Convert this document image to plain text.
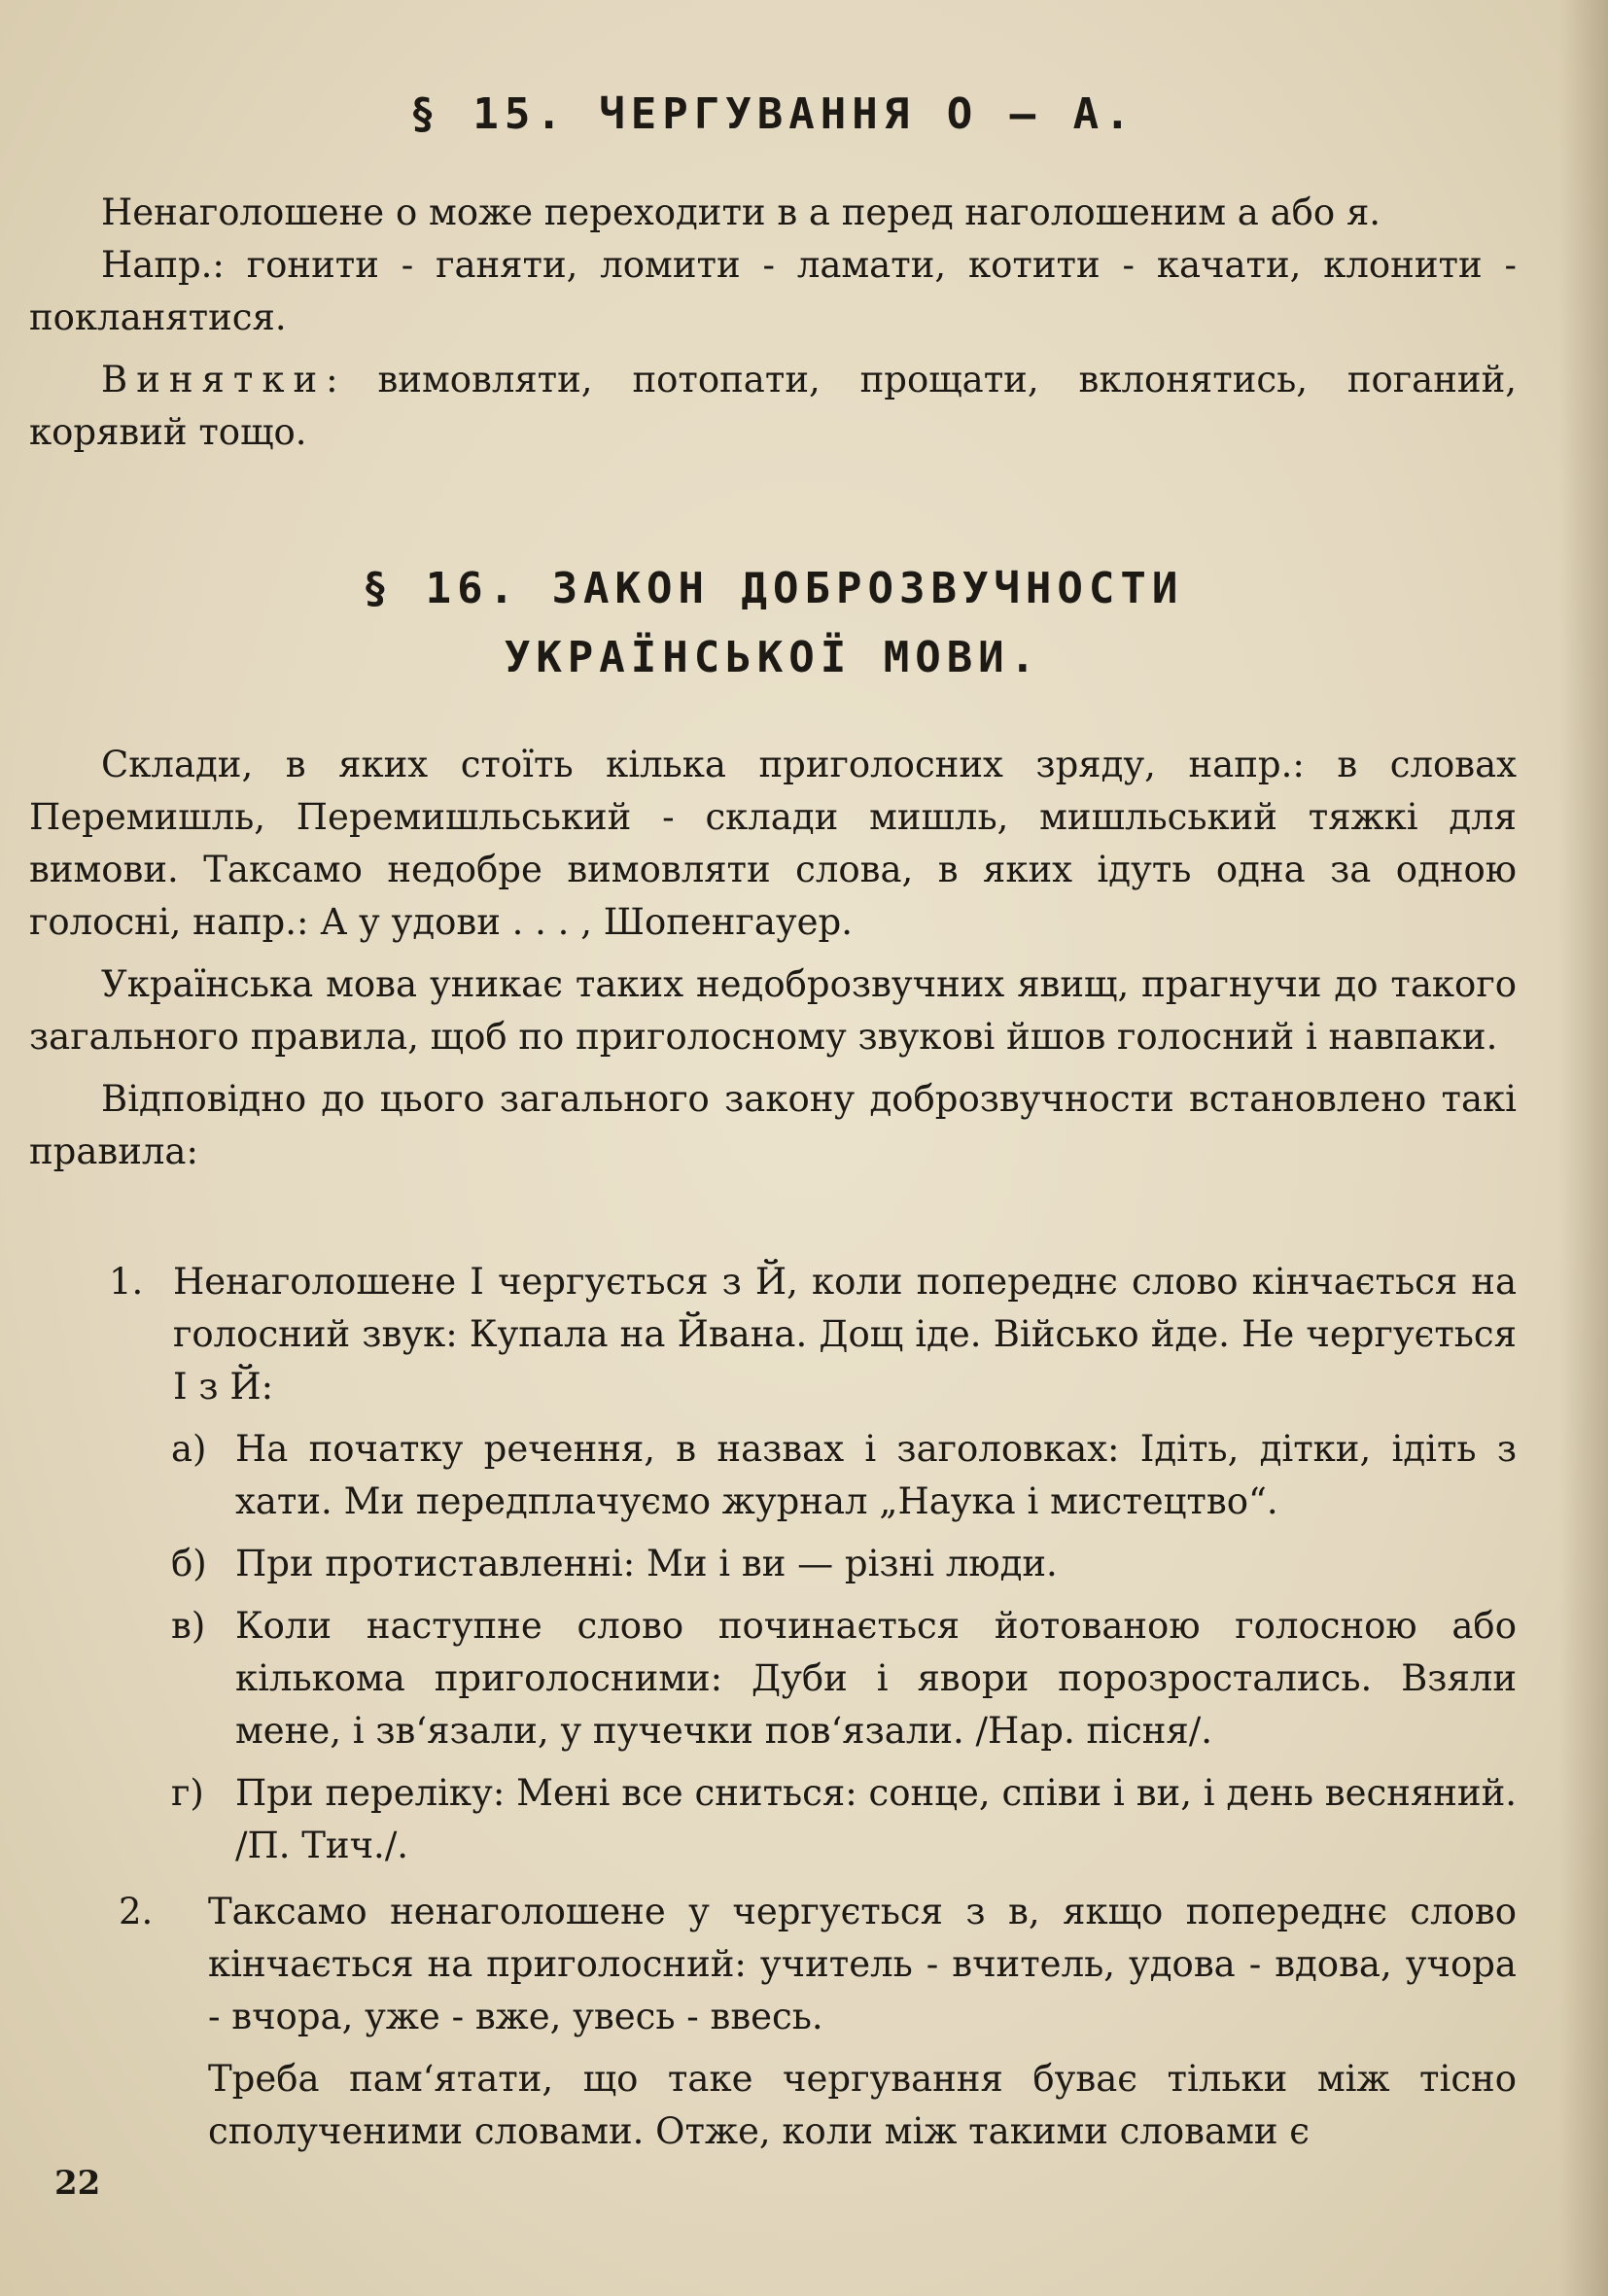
§ 15. ЧЕРГУВАННЯ О — А.

Ненаголошене о може переходити в а перед наголошеним а або я.

Напр.: гонити - ганяти, ломити - ламати, котити - качати, клонити - покланятися.

Винятки: вимовляти, потопати, прощати, вклонятись, поганий, корявий тощо.

§ 16. ЗАКОН ДОБРОЗВУЧНОСТИ
УКРАЇНСЬКОЇ МОВИ.

Склади, в яких стоїть кілька приголосних зряду, напр.: в словах Перемишль, Перемишльський - склади мишль, мишльський тяжкі для вимови. Таксамо недобре вимовляти слова, в яких ідуть одна за одною голосні, напр.: А у удови . . . , Шопенгауер.

Українська мова уникає таких недоброзвучних явищ, прагнучи до такого загального правила, щоб по приголосному звукові йшов голосний і навпаки.

Відповідно до цього загального закону доброзвучности встановлено такі правила:

1. Ненаголошене І чергується з Й, коли попереднє слово кінчається на голосний звук: Купала на Йвана. Дощ іде. Військо йде. Не чергується І з Й:

а) На початку речення, в назвах і заголовках: Ідіть, дітки, ідіть з хати. Ми передплачуємо журнал „Наука і мистецтво“.

б) При протиставленні: Ми і ви — різні люди.

в) Коли наступне слово починається йотованою голосною або кількома приголосними: Дуби і явори порозростались. Взяли мене, і зв‘язали, у пучечки пов‘язали. /Нар. пісня/.

г) При переліку: Мені все сниться: сонце, співи і ви, і день весняний. /П. Тич./.

2. Таксамо ненаголошене у чергується з в, якщо попереднє слово кінчається на приголосний: учитель - вчитель, удова - вдова, учора - вчора, уже - вже, увесь - ввесь.

Треба пам‘ятати, що таке чергування буває тільки між тісно сполученими словами. Отже, коли між такими словами є

22
